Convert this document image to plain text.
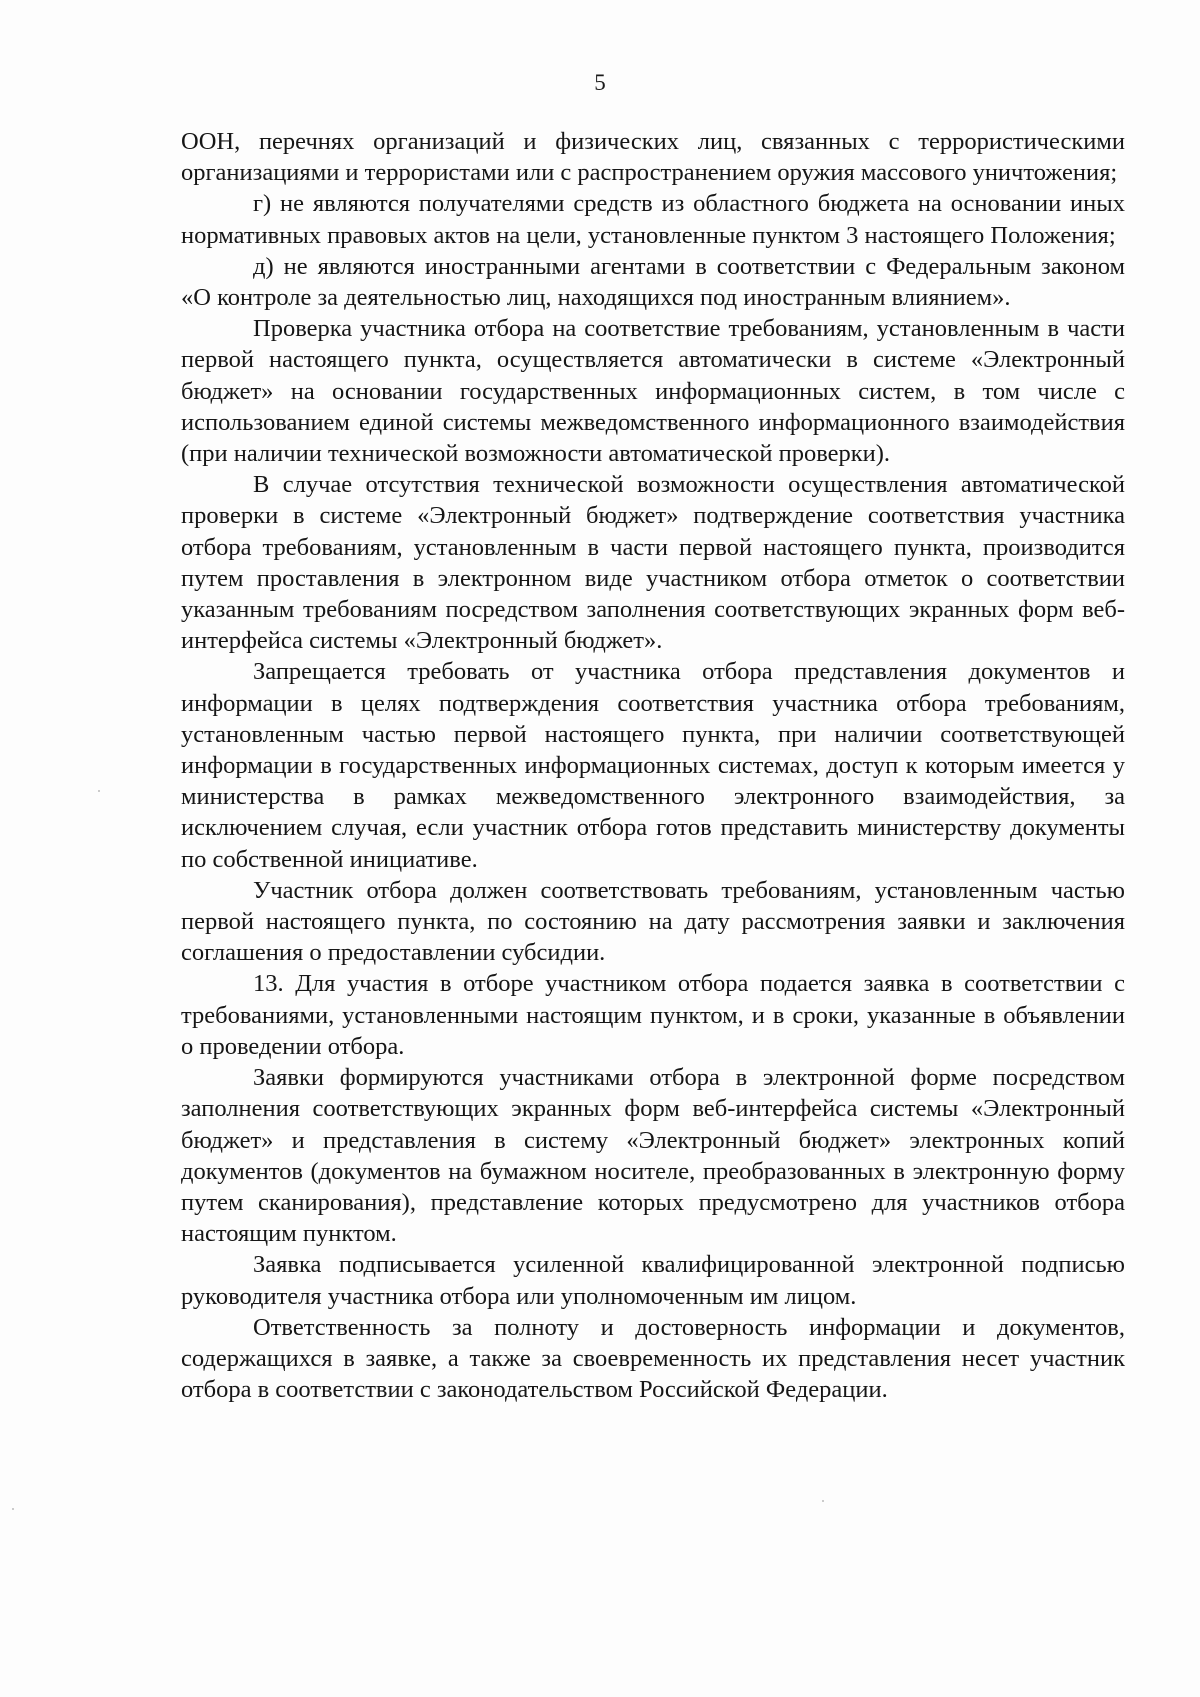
5

ООН, перечнях организаций и физических лиц, связанных с террористическими организациями и террористами или с распространением оружия массового уничтожения;

г) не являются получателями средств из областного бюджета на основании иных нормативных правовых актов на цели, установленные пунктом 3 настоящего Положения;

д) не являются иностранными агентами в соответствии с Федеральным законом «О контроле за деятельностью лиц, находящихся под иностранным влиянием».

Проверка участника отбора на соответствие требованиям, установленным в части первой настоящего пункта, осуществляется автоматически в системе «Электронный бюджет» на основании государственных информационных систем, в том числе с использованием единой системы межведомственного информационного взаимодействия (при наличии технической возможности автоматической проверки).

В случае отсутствия технической возможности осуществления автоматической проверки в системе «Электронный бюджет» подтверждение соответствия участника отбора требованиям, установленным в части первой настоящего пункта, производится путем проставления в электронном виде участником отбора отметок о соответствии указанным требованиям посредством заполнения соответствующих экранных форм веб-интерфейса системы «Электронный бюджет».

Запрещается требовать от участника отбора представления документов и информации в целях подтверждения соответствия участника отбора требованиям, установленным частью первой настоящего пункта, при наличии соответствующей информации в государственных информационных системах, доступ к которым имеется у министерства в рамках межведомственного электронного взаимодействия, за исключением случая, если участник отбора готов представить министерству документы по собственной инициативе.

Участник отбора должен соответствовать требованиям, установленным частью первой настоящего пункта, по состоянию на дату рассмотрения заявки и заключения соглашения о предоставлении субсидии.

13. Для участия в отборе участником отбора подается заявка в соответствии с требованиями, установленными настоящим пунктом, и в сроки, указанные в объявлении о проведении отбора.

Заявки формируются участниками отбора в электронной форме посредством заполнения соответствующих экранных форм веб-интерфейса системы «Электронный бюджет» и представления в систему «Электронный бюджет» электронных копий документов (документов на бумажном носителе, преобразованных в электронную форму путем сканирования), представление которых предусмотрено для участников отбора настоящим пунктом.

Заявка подписывается усиленной квалифицированной электронной подписью руководителя участника отбора или уполномоченным им лицом.

Ответственность за полноту и достоверность информации и документов, содержащихся в заявке, а также за своевременность их представления несет участник отбора в соответствии с законодательством Российской Федерации.
